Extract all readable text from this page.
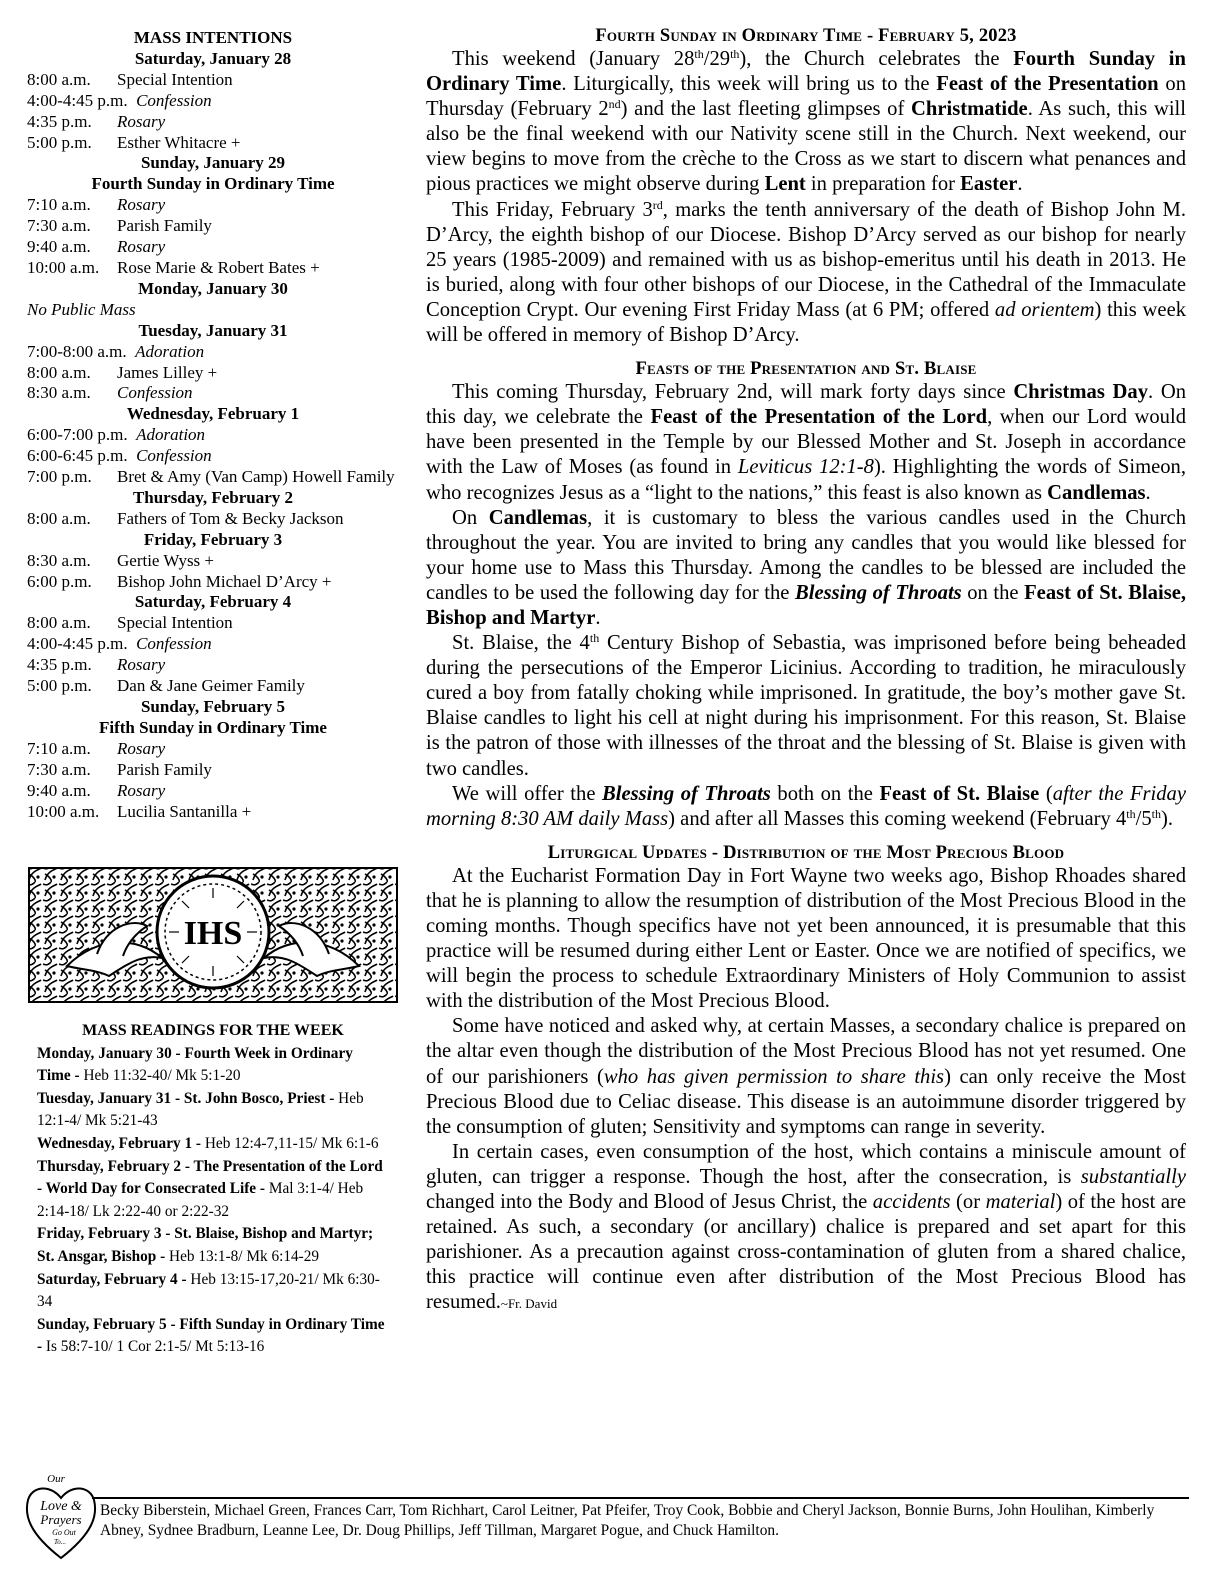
MASS INTENTIONS
Saturday, January 28
8:00 a.m.	Special Intention
4:00-4:45 p.m. Confession
4:35 p.m.	Rosary
5:00 p.m.	Esther Whitacre +
Sunday, January 29
Fourth Sunday in Ordinary Time
7:10 a.m.	Rosary
7:30 a.m.	Parish Family
9:40 a.m.	Rosary
10:00 a.m.	Rose Marie & Robert Bates +
Monday, January 30
No Public Mass
Tuesday, January 31
7:00-8:00 a.m. Adoration
8:00 a.m.	James Lilley +
8:30 a.m.	Confession
Wednesday, February 1
6:00-7:00 p.m. Adoration
6:00-6:45 p.m. Confession
7:00 p.m.	Bret & Amy (Van Camp) Howell Family
Thursday, February 2
8:00 a.m.	Fathers of Tom & Becky Jackson
Friday, February 3
8:30 a.m.	Gertie Wyss +
6:00 p.m.	Bishop John Michael D’Arcy +
Saturday, February 4
8:00 a.m.	Special Intention
4:00-4:45 p.m. Confession
4:35 p.m.	Rosary
5:00 p.m.	Dan & Jane Geimer Family
Sunday, February 5
Fifth Sunday in Ordinary Time
7:10 a.m.	Rosary
7:30 a.m.	Parish Family
9:40 a.m.	Rosary
10:00 a.m.	Lucilia Santanilla +
IHS
MASS READINGS FOR THE WEEK

Monday, January 30 - Fourth Week in Ordinary Time - Heb 11:32-40/ Mk 5:1-20

Tuesday, January 31 - St. John Bosco, Priest - Heb 12:1-4/ Mk 5:21-43

Wednesday, February 1 - Heb 12:4-7,11-15/ Mk 6:1-6

Thursday, February 2 - The Presentation of the Lord - World Day for Consecrated Life - Mal 3:1-4/ Heb 2:14-18/ Lk 2:22-40 or 2:22-32

Friday, February 3 - St. Blaise, Bishop and Martyr; St. Ansgar, Bishop - Heb 13:1-8/ Mk 6:14-29

Saturday, February 4 - Heb 13:15-17,20-21/ Mk 6:30-34

Sunday, February 5 - Fifth Sunday in Ordinary Time - Is 58:7-10/ 1 Cor 2:1-5/ Mt 5:13-16

Fourth Sunday in Ordinary Time - February 5, 2023

This weekend (January 28th/29th), the Church celebrates the Fourth Sunday in Ordinary Time. Liturgically, this week will bring us to the Feast of the Presentation on Thursday (February 2nd) and the last fleeting glimpses of Christmatide. As such, this will also be the final weekend with our Nativity scene still in the Church. Next weekend, our view begins to move from the crèche to the Cross as we start to discern what penances and pious practices we might observe during Lent in preparation for Easter.

This Friday, February 3rd, marks the tenth anniversary of the death of Bishop John M. D’Arcy, the eighth bishop of our Diocese. Bishop D’Arcy served as our bishop for nearly 25 years (1985-2009) and remained with us as bishop-emeritus until his death in 2013. He is buried, along with four other bishops of our Diocese, in the Cathedral of the Immaculate Conception Crypt. Our evening First Friday Mass (at 6 PM; offered ad orientem) this week will be offered in memory of Bishop D’Arcy.

Feasts of the Presentation and St. Blaise

This coming Thursday, February 2nd, will mark forty days since Christmas Day. On this day, we celebrate the Feast of the Presentation of the Lord, when our Lord would have been presented in the Temple by our Blessed Mother and St. Joseph in accordance with the Law of Moses (as found in Leviticus 12:1-8). Highlighting the words of Simeon, who recognizes Jesus as a “light to the nations,” this feast is also known as Candlemas.

On Candlemas, it is customary to bless the various candles used in the Church throughout the year. You are invited to bring any candles that you would like blessed for your home use to Mass this Thursday. Among the candles to be blessed are included the candles to be used the following day for the Blessing of Throats on the Feast of St. Blaise, Bishop and Martyr.

St. Blaise, the 4th Century Bishop of Sebastia, was imprisoned before being beheaded during the persecutions of the Emperor Licinius. According to tradition, he miraculously cured a boy from fatally choking while imprisoned. In gratitude, the boy’s mother gave St. Blaise candles to light his cell at night during his imprisonment. For this reason, St. Blaise is the patron of those with illnesses of the throat and the blessing of St. Blaise is given with two candles.

We will offer the Blessing of Throats both on the Feast of St. Blaise (after the Friday morning 8:30 AM daily Mass) and after all Masses this coming weekend (February 4th/5th).

Liturgical Updates - Distribution of the Most Precious Blood

At the Eucharist Formation Day in Fort Wayne two weeks ago, Bishop Rhoades shared that he is planning to allow the resumption of distribution of the Most Precious Blood in the coming months. Though specifics have not yet been announced, it is presumable that this practice will be resumed during either Lent or Easter. Once we are notified of specifics, we will begin the process to schedule Extraordinary Ministers of Holy Communion to assist with the distribution of the Most Precious Blood.

Some have noticed and asked why, at certain Masses, a secondary chalice is prepared on the altar even though the distribution of the Most Precious Blood has not yet resumed. One of our parishioners (who has given permission to share this) can only receive the Most Precious Blood due to Celiac disease. This disease is an autoimmune disorder triggered by the consumption of gluten; Sensitivity and symptoms can range in severity.

In certain cases, even consumption of the host, which contains a miniscule amount of gluten, can trigger a response. Though the host, after the consecration, is substantially changed into the Body and Blood of Jesus Christ, the accidents (or material) of the host are retained. As such, a secondary (or ancillary) chalice is prepared and set apart for this parishioner. As a precaution against cross-contamination of gluten from a shared chalice, this practice will continue even after distribution of the Most Precious Blood has resumed.~Fr. David

Our
Love &
Prayers
Go Out
To...
Becky Biberstein, Michael Green, Frances Carr, Tom Richhart, Carol Leitner, Pat Pfeifer, Troy Cook, Bobbie and Cheryl Jackson, Bonnie Burns, John Houlihan, Kimberly Abney, Sydnee Bradburn, Leanne Lee, Dr. Doug Phillips, Jeff Tillman, Margaret Pogue, and Chuck Hamilton.
